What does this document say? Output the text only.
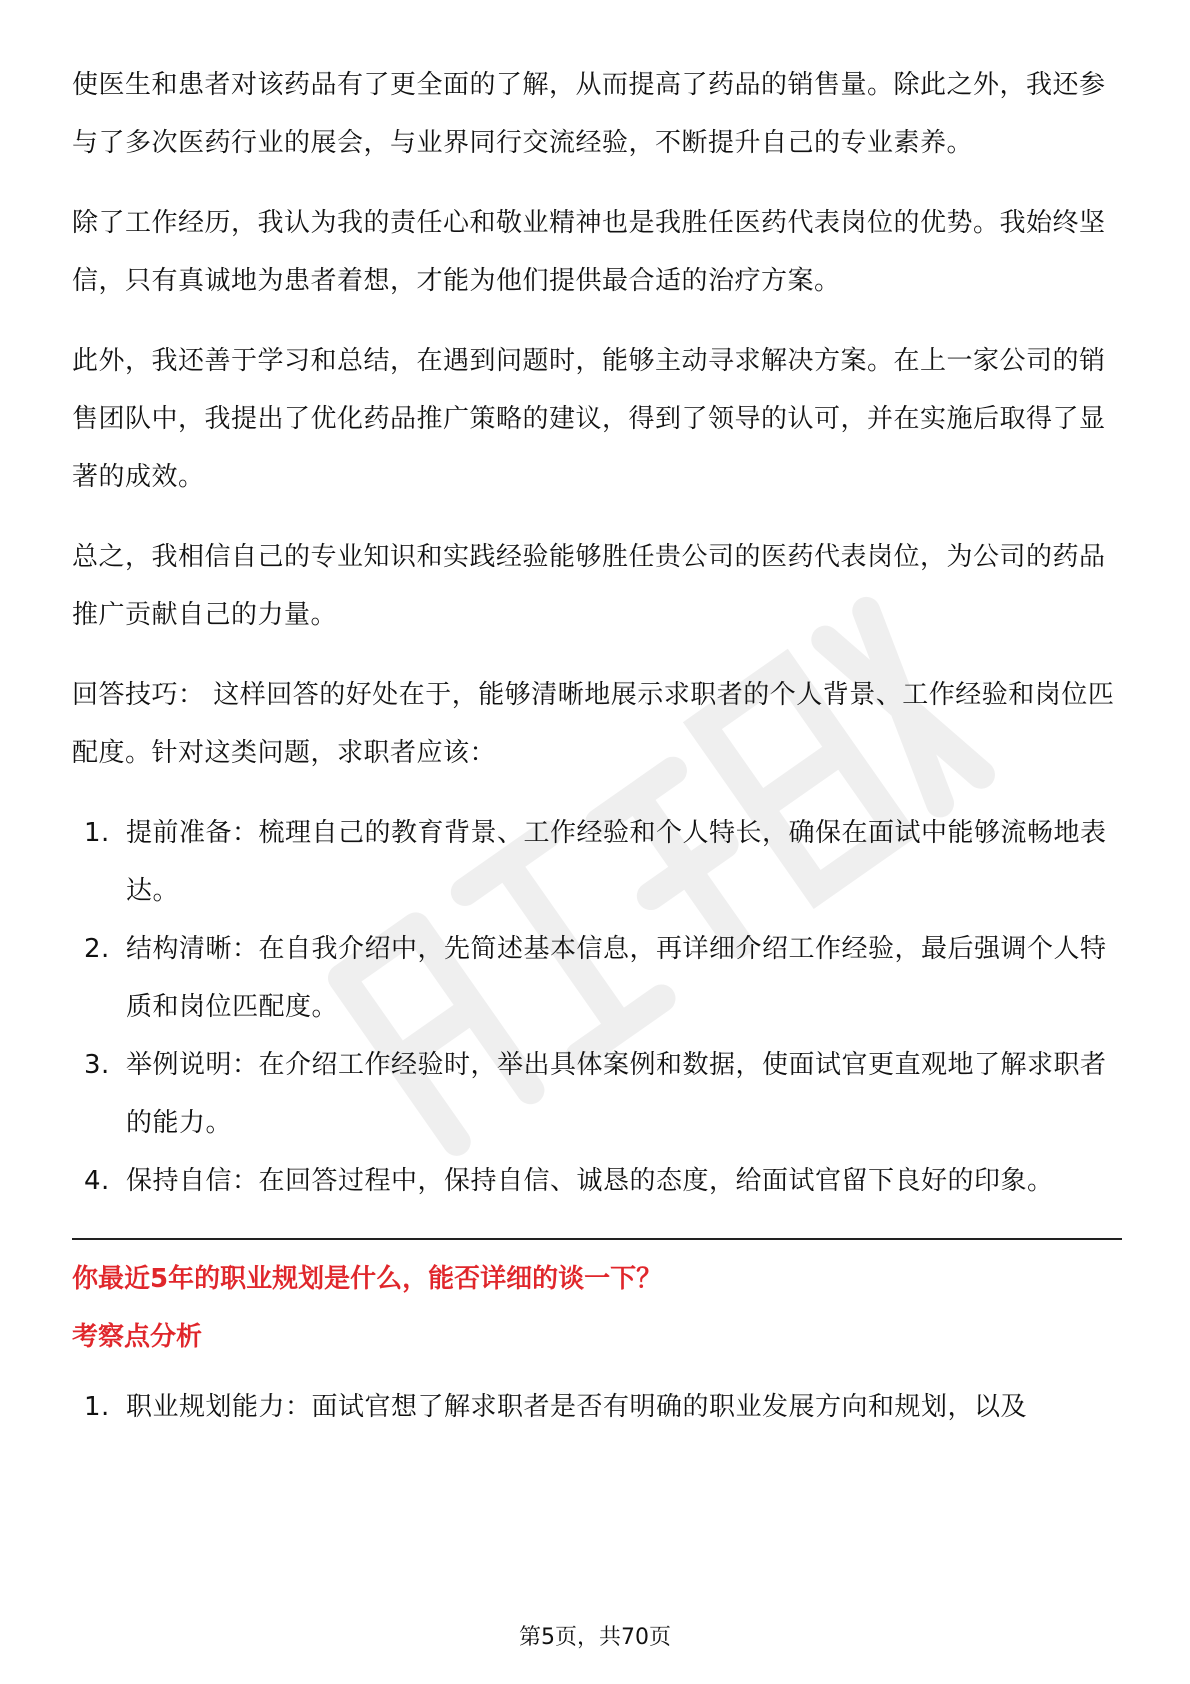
使医生和患者对该药品有了更全面的了解，从而提高了药品的销售量。除此之外，我还参与了多次医药行业的展会，与业界同行交流经验，不断提升自己的专业素养。

除了工作经历，我认为我的责任心和敬业精神也是我胜任医药代表岗位的优势。我始终坚信，只有真诚地为患者着想，才能为他们提供最合适的治疗方案。

此外，我还善于学习和总结，在遇到问题时，能够主动寻求解决方案。在上一家公司的销售团队中，我提出了优化药品推广策略的建议，得到了领导的认可，并在实施后取得了显著的成效。

总之，我相信自己的专业知识和实践经验能够胜任贵公司的医药代表岗位，为公司的药品推广贡献自己的力量。

回答技巧： 这样回答的好处在于，能够清晰地展示求职者的个人背景、工作经验和岗位匹配度。针对这类问题，求职者应该：

1. 提前准备：梳理自己的教育背景、工作经验和个人特长，确保在面试中能够流畅地表达。
2. 结构清晰：在自我介绍中，先简述基本信息，再详细介绍工作经验，最后强调个人特质和岗位匹配度。
3. 举例说明：在介绍工作经验时，举出具体案例和数据，使面试官更直观地了解求职者的能力。
4. 保持自信：在回答过程中，保持自信、诚恳的态度，给面试官留下良好的印象。
你最近5年的职业规划是什么，能否详细的谈一下？
考察点分析
1. 职业规划能力：面试官想了解求职者是否有明确的职业发展方向和规划，以及
第5页，共70页
